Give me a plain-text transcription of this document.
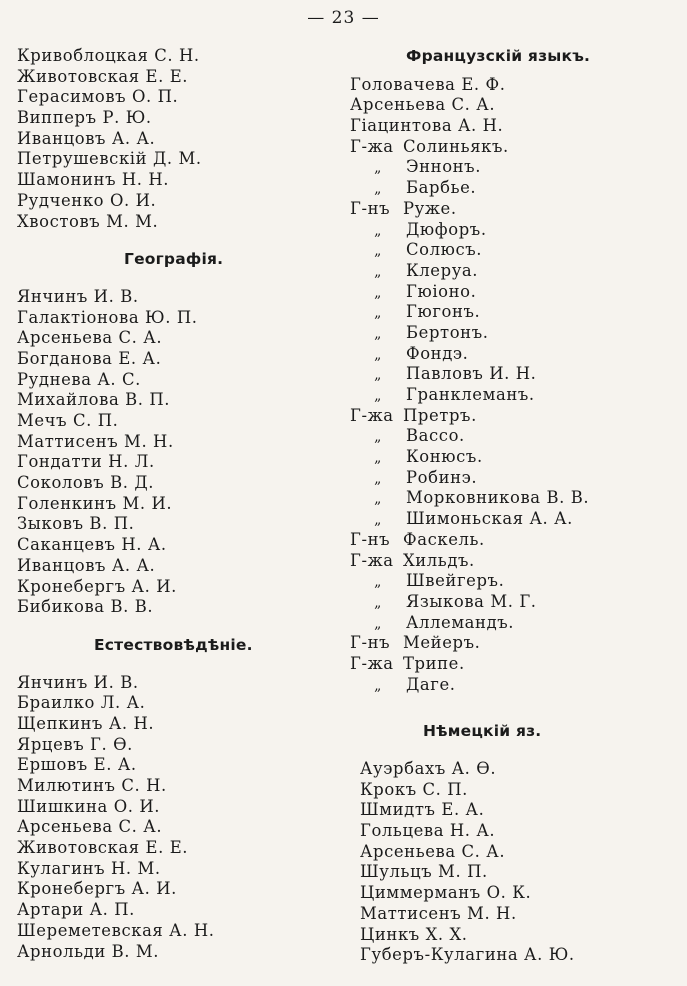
— 23 —
Кривоблоцкая С. Н.
Животовская Е. Е.
Герасимовъ О. П.
Випперъ Р. Ю.
Иванцовъ А. А.
Петрушевскій Д. М.
Шамонинъ Н. Н.
Рудченко О. И.
Хвостовъ М. М.
Географія.
Янчинъ И. В.
Галактіонова Ю. П.
Арсеньева С. А.
Богданова Е. А.
Руднева А. С.
Михайлова В. П.
Мечъ С. П.
Маттисенъ М. Н.
Гондатти Н. Л.
Соколовъ В. Д.
Голенкинъ М. И.
Зыковъ В. П.
Саканцевъ Н. А.
Иванцовъ А. А.
Кронебергъ А. И.
Бибикова В. В.
Естествовѣдѣніе.
Янчинъ И. В.
Браилко Л. А.
Щепкинъ А. Н.
Ярцевъ Г. Ѳ.
Ершовъ Е. А.
Милютинъ С. Н.
Шишкина О. И.
Арсеньева С. А.
Животовская Е. Е.
Кулагинъ Н. М.
Кронебергъ А. И.
Артари А. П.
Шереметевская А. Н.
Арнольди В. М.
Французскій языкъ.
Головачева Е. Ф.
Арсеньева С. А.
Гіацинтова А. Н.
Г-жа Солиньякъ.
„ Эннонъ.
„ Барбье.
Г-нъ Руже.
„ Дюфоръ.
„ Солюсъ.
„ Клеруа.
„ Гюіоно.
„ Гюгонъ.
„ Бертонъ.
„ Фондэ.
„ Павловъ И. Н.
„ Гранклеманъ.
Г-жа Претръ.
„ Вассо.
„ Конюсъ.
„ Робинэ.
„ Морковникова В. В.
„ Шимоньская А. А.
Г-нъ Фаскель.
Г-жа Хильдъ.
„ Швейгеръ.
„ Языкова М. Г.
„ Аллемандъ.
Г-нъ Мейеръ.
Г-жа Трипе.
„ Даге.
Нѣмецкій яз.
Ауэрбахъ А. Ѳ.
Крокъ С. П.
Шмидтъ Е. А.
Гольцева Н. А.
Арсеньева С. А.
Шульцъ М. П.
Циммерманъ О. К.
Маттисенъ М. Н.
Цинкъ Х. Х.
Губеръ-Кулагина А. Ю.
